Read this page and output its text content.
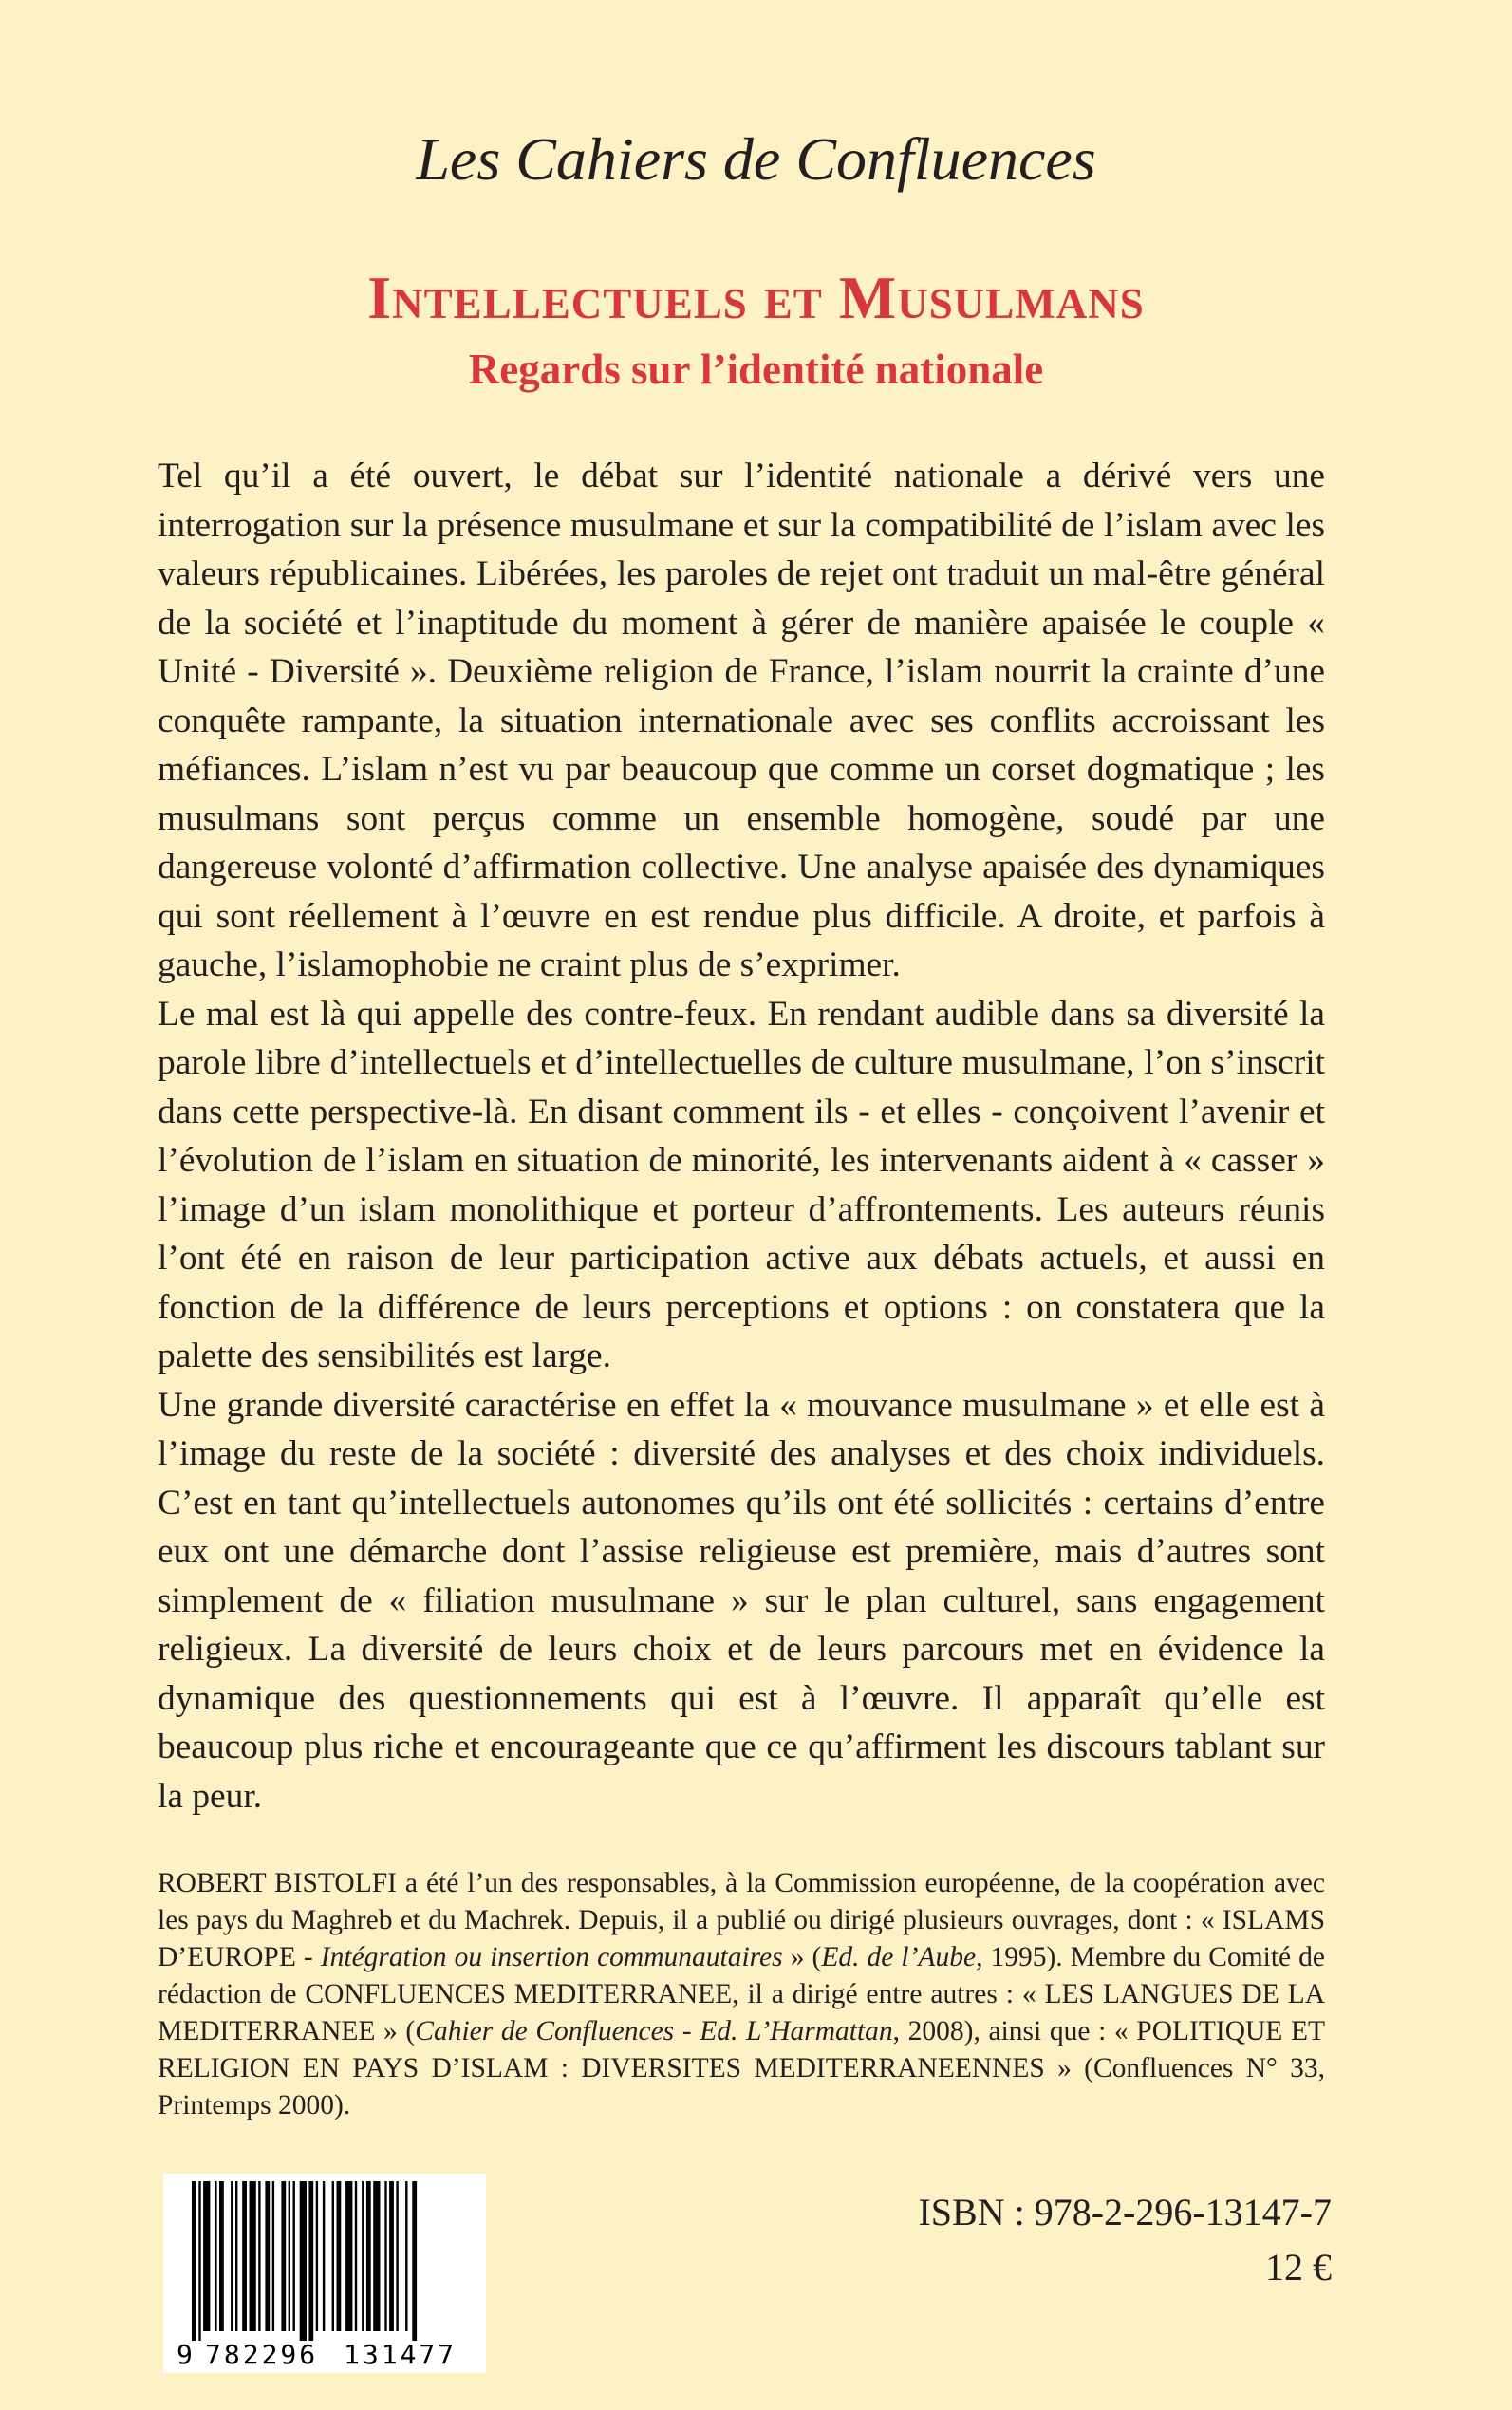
Les Cahiers de Confluences
Intellectuels et Musulmans
Regards sur l’identité nationale

Tel qu’il a été ouvert, le débat sur l’identité nationale a dérivé vers une interrogation sur la présence musulmane et sur la compatibilité de l’islam avec les valeurs républicaines. Libérées, les paroles de rejet ont traduit un mal-être général de la société et l’inaptitude du moment à gérer de manière apaisée le couple « Unité - Diversité ». Deuxième religion de France, l’islam nourrit la crainte d’une conquête rampante, la situation internationale avec ses conflits accroissant les méfiances. L’islam n’est vu par beaucoup que comme un corset dogmatique ; les musulmans sont perçus comme un ensemble homogène, soudé par une dangereuse volonté d’affirmation collective. Une analyse apaisée des dynamiques qui sont réellement à l’œuvre en est rendue plus difficile. A droite, et parfois à gauche, l’islamophobie ne craint plus de s’exprimer.

Le mal est là qui appelle des contre-feux. En rendant audible dans sa diversité la parole libre d’intellectuels et d’intellectuelles de culture musulmane, l’on s’inscrit dans cette perspective-là. En disant comment ils - et elles - conçoivent l’avenir et l’évolution de l’islam en situation de minorité, les intervenants aident à « casser » l’image d’un islam monolithique et porteur d’affrontements. Les auteurs réunis l’ont été en raison de leur participation active aux débats actuels, et aussi en fonction de la différence de leurs perceptions et options : on constatera que la palette des sensibilités est large.

Une grande diversité caractérise en effet la « mouvance musulmane » et elle est à l’image du reste de la société : diversité des analyses et des choix individuels. C’est en tant qu’intellectuels autonomes qu’ils ont été sollicités : certains d’entre eux ont une démarche dont l’assise religieuse est première, mais d’autres sont simplement de « filiation musulmane » sur le plan culturel, sans engagement religieux. La diversité de leurs choix et de leurs parcours met en évidence la dynamique des questionnements qui est à l’œuvre. Il apparaît qu’elle est beaucoup plus riche et encourageante que ce qu’affirment les discours tablant sur la peur.

ROBERT BISTOLFI a été l’un des responsables, à la Commission européenne, de la coopération avec les pays du Maghreb et du Machrek. Depuis, il a publié ou dirigé plusieurs ouvrages, dont : « ISLAMS D’EUROPE - Intégration ou insertion communautaires » (Ed. de l’Aube, 1995). Membre du Comité de rédaction de CONFLUENCES MEDITERRANEE, il a dirigé entre autres : « LES LANGUES DE LA MEDITERRANEE » (Cahier de Confluences - Ed. L’Harmattan, 2008), ainsi que : « POLITIQUE ET RELIGION EN PAYS D’ISLAM : DIVERSITES MEDITERRANEENNES » (Confluences N° 33, Printemps 2000).
9 782296 131477
ISBN : 978-2-296-13147-7
12 €
